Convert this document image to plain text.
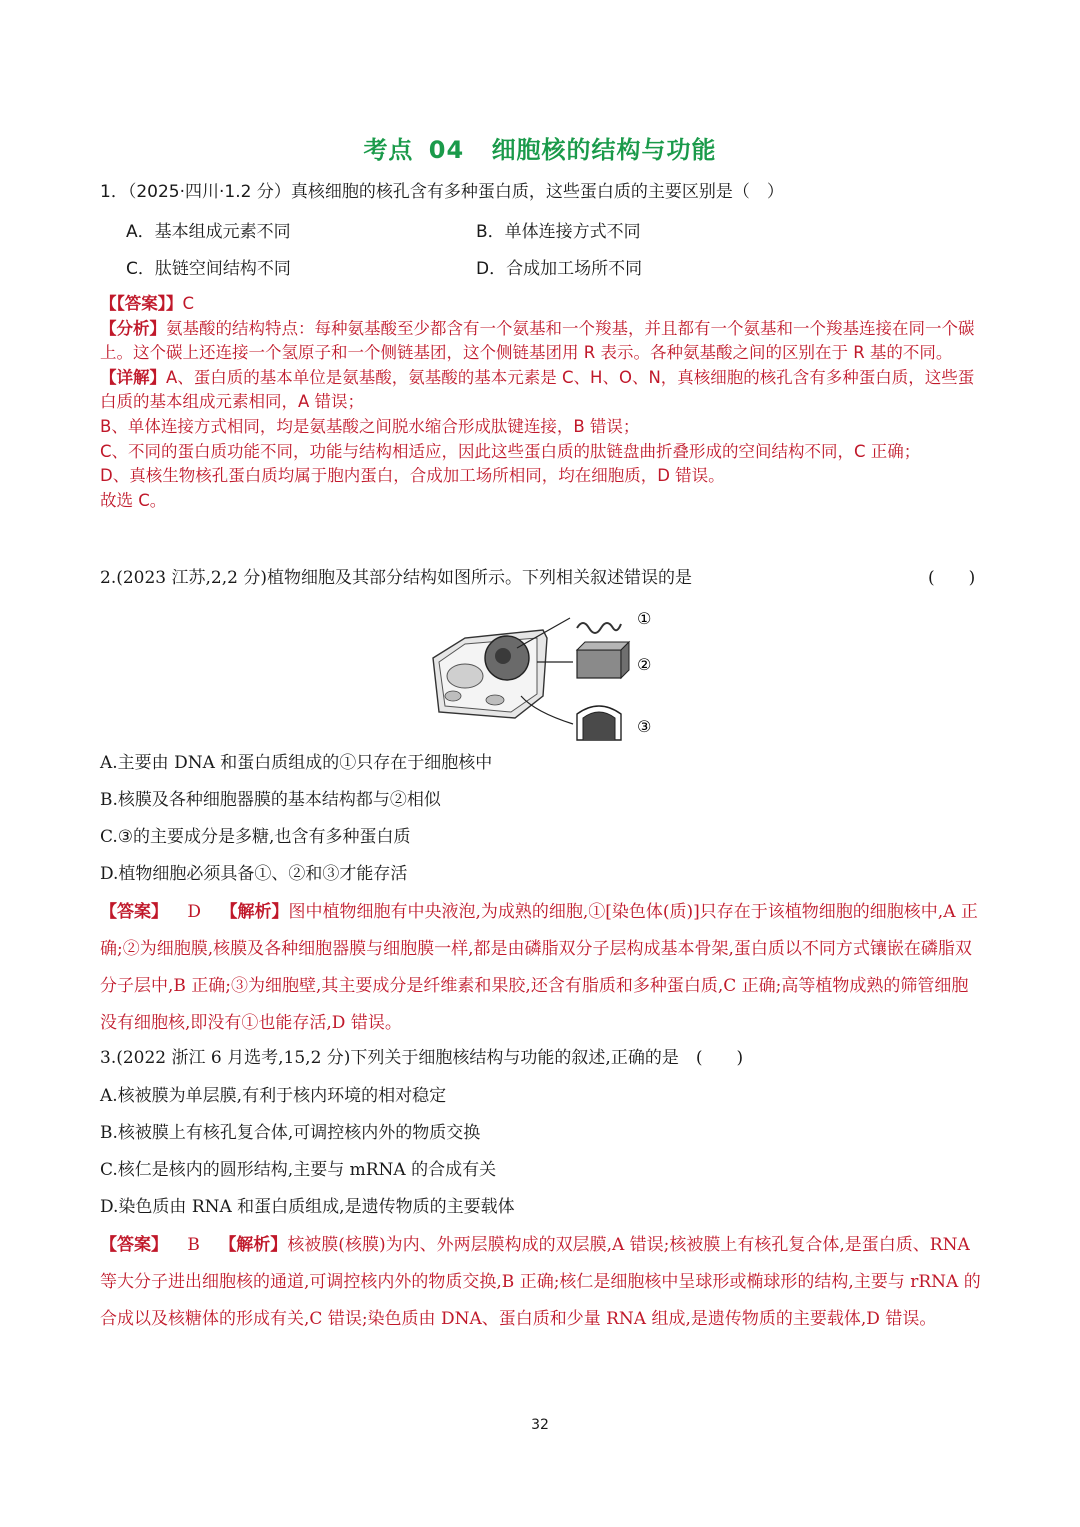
考点 04 细胞核的结构与功能
1．（2025·四川·1.2 分）真核细胞的核孔含有多种蛋白质，这些蛋白质的主要区别是（　）
A．基本组成元素不同	B．单体连接方式不同
C．肽链空间结构不同	D．合成加工场所不同

【【答案】】C

【分析】氨基酸的结构特点：每种氨基酸至少都含有一个氨基和一个羧基，并且都有一个氨基和一个羧基连接在同一个碳上。这个碳上还连接一个氢原子和一个侧链基团，这个侧链基团用 R 表示。各种氨基酸之间的区别在于 R 基的不同。

【详解】A、蛋白质的基本单位是氨基酸，氨基酸的基本元素是 C、H、O、N，真核细胞的核孔含有多种蛋白质，这些蛋白质的基本组成元素相同，A 错误；

B、单体连接方式相同，均是氨基酸之间脱水缩合形成肽键连接，B 错误；

C、不同的蛋白质功能不同，功能与结构相适应，因此这些蛋白质的肽链盘曲折叠形成的空间结构不同，C 正确；

D、真核生物核孔蛋白质均属于胞内蛋白，合成加工场所相同，均在细胞质，D 错误。

故选 C。

2.(2023 江苏,2,2 分)植物细胞及其部分结构如图所示。下列相关叙述错误的是	(　　)
①
②
③
A.主要由 DNA 和蛋白质组成的①只存在于细胞核中
B.核膜及各种细胞器膜的基本结构都与②相似
C.③的主要成分是多糖,也含有多种蛋白质
D.植物细胞必须具备①、②和③才能存活

【答案】 D 【解析】图中植物细胞有中央液泡,为成熟的细胞,①[染色体(质)]只存在于该植物细胞的细胞核中,A 正确;②为细胞膜,核膜及各种细胞器膜与细胞膜一样,都是由磷脂双分子层构成基本骨架,蛋白质以不同方式镶嵌在磷脂双分子层中,B 正确;③为细胞壁,其主要成分是纤维素和果胶,还含有脂质和多种蛋白质,C 正确;高等植物成熟的筛管细胞没有细胞核,即没有①也能存活,D 错误。

3.(2022 浙江 6 月选考,15,2 分)下列关于细胞核结构与功能的叙述,正确的是　(　　)
A.核被膜为单层膜,有利于核内环境的相对稳定
B.核被膜上有核孔复合体,可调控核内外的物质交换
C.核仁是核内的圆形结构,主要与 mRNA 的合成有关
D.染色质由 RNA 和蛋白质组成,是遗传物质的主要载体

【答案】 B 【解析】核被膜(核膜)为内、外两层膜构成的双层膜,A 错误;核被膜上有核孔复合体,是蛋白质、RNA 等大分子进出细胞核的通道,可调控核内外的物质交换,B 正确;核仁是细胞核中呈球形或椭球形的结构,主要与 rRNA 的合成以及核糖体的形成有关,C 错误;染色质由 DNA、蛋白质和少量 RNA 组成,是遗传物质的主要载体,D 错误。

32
